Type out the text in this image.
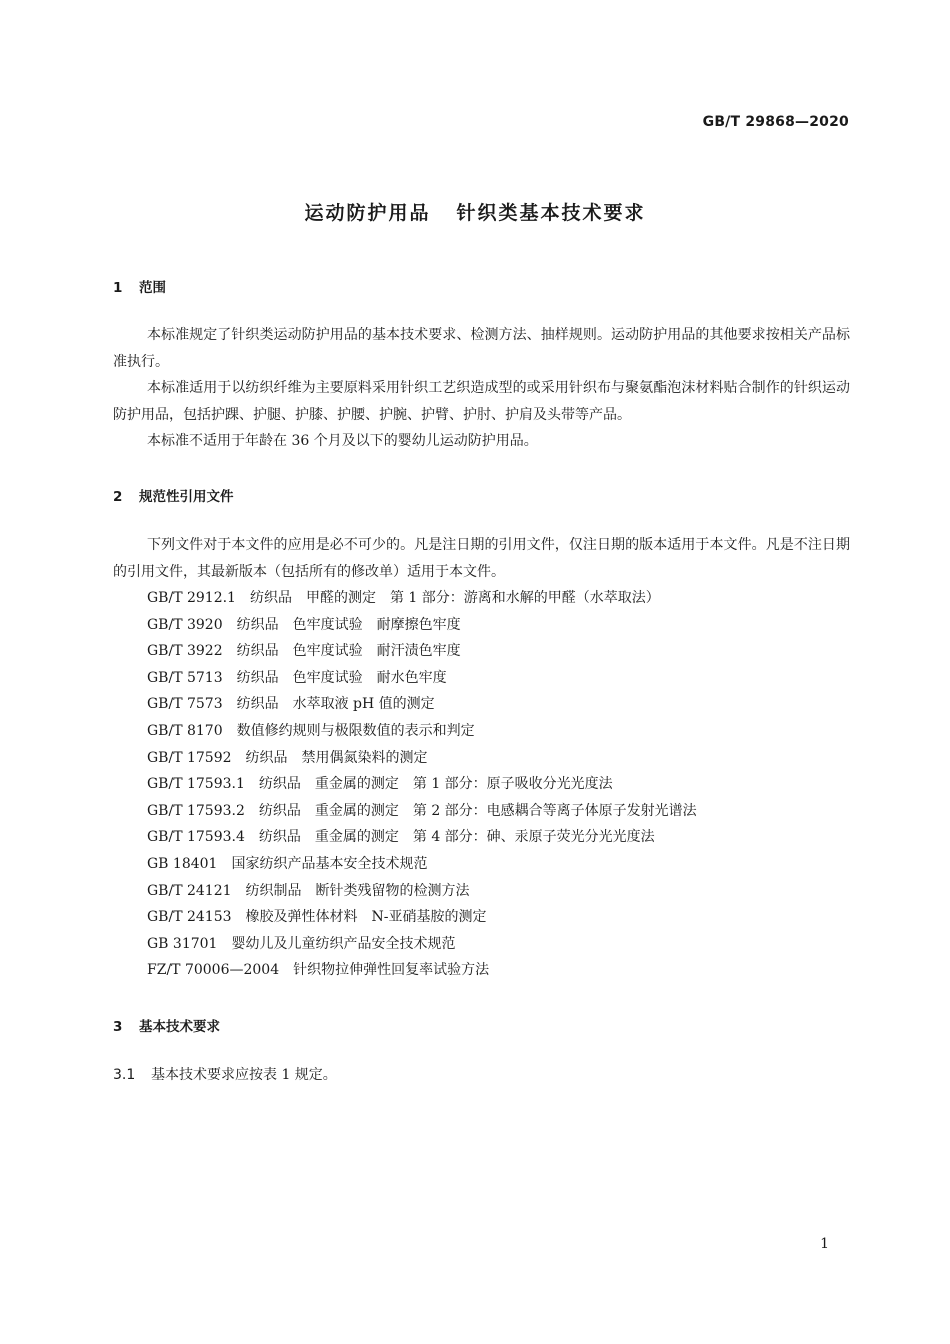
GB/T 29868—2020
运动防护用品 针织类基本技术要求
1 范围

本标准规定了针织类运动防护用品的基本技术要求、检测方法、抽样规则。运动防护用品的其他要求按相关产品标准执行。

本标准适用于以纺织纤维为主要原料采用针织工艺织造成型的或采用针织布与聚氨酯泡沫材料贴合制作的针织运动防护用品，包括护踝、护腿、护膝、护腰、护腕、护臂、护肘、护肩及头带等产品。

本标准不适用于年龄在 36 个月及以下的婴幼儿运动防护用品。

2 规范性引用文件

下列文件对于本文件的应用是必不可少的。凡是注日期的引用文件，仅注日期的版本适用于本文件。凡是不注日期的引用文件，其最新版本（包括所有的修改单）适用于本文件。

GB/T 2912.1 纺织品　甲醛的测定　第 1 部分：游离和水解的甲醛（水萃取法）
GB/T 3920 纺织品　色牢度试验　耐摩擦色牢度
GB/T 3922 纺织品　色牢度试验　耐汗渍色牢度
GB/T 5713 纺织品　色牢度试验　耐水色牢度
GB/T 7573 纺织品　水萃取液 pH 值的测定
GB/T 8170 数值修约规则与极限数值的表示和判定
GB/T 17592 纺织品　禁用偶氮染料的测定
GB/T 17593.1 纺织品　重金属的测定　第 1 部分：原子吸收分光光度法
GB/T 17593.2 纺织品　重金属的测定　第 2 部分：电感耦合等离子体原子发射光谱法
GB/T 17593.4 纺织品　重金属的测定　第 4 部分：砷、汞原子荧光分光光度法
GB 18401 国家纺织产品基本安全技术规范
GB/T 24121 纺织制品　断针类残留物的检测方法
GB/T 24153 橡胶及弹性体材料　N-亚硝基胺的测定
GB 31701 婴幼儿及儿童纺织产品安全技术规范
FZ/T 70006—2004 针织物拉伸弹性回复率试验方法
3 基本技术要求
3.1 基本技术要求应按表 1 规定。
1
